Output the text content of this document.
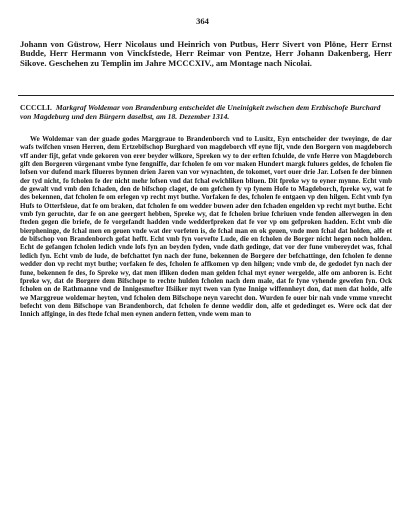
364
Johann von Güstrow, Herr Nicolaus und Heinrich von Putbus, Herr Sivert von Plöne, Herr Ernst Budde, Herr Hermann von Vinckfstede, Herr Reimar von Pentze, Herr Johann Dakenberg, Herr Sikove. Geschehen zu Templin im Jahre MCCCXIV., am Montage nach Nicolai.
CCCCLI. Markgraf Woldemar von Brandenburg entscheidet die Uneinigkeit zwischen dem Erzbischofe Burchard von Magdeburg und den Bürgern daselbst, am 18. Dezember 1314.

We Woldemar van der guade godes Marggraue to Brandenborch vnd to Lusitz, Eyn entscheider der tweyinge, de dar wafs twifchen vnsen Herren, dem Ertzebifschop Burghard von magdeborch vff eyne fijt, vnde den Borgern von magdeborch vff ander fijt, gefat vnde gekoren von erer beyder wilkore, Spreken wy to der erften fchulde, de vnfe Herre von Magdeborch gift den Borgeren vürgenant vmbe fyne fengniffe, dar fcholen fe om vor maken Hundert margk fuluers geldes, de fcholen fie lofsen vor dufend mark filueres bynnen drien Jaren van vor wynachten, de tokomet, vort ouer drie Jar. Lofsen fe der binnen der tyd nicht, fo fcholen fe der nicht mehr lofsen vnd dat fchal ewichliken bliuen. Dit fpreke wy to eyner mynne. Echt vmb de gewalt vnd vmb den fchaden, den de bifschop claget, de om gefchen fy vp fynem Hofe to Magdeborch, fpreke wy, wat fe des bekennen, dat fcholen fe om erlegen vp recht myt buthe. Vorfaken fe des, fcholen fe entgaen vp den hilgen. Echt vmb fyn Hufs to Otterfsleue, dat fe om braken, dat fcholen fe om wedder buwen ader den fchaden engelden vp recht myt buthe. Echt vmb fyn geruchte, dar fe on ane geergert hebben, Spreke wy, dat fe fcholen briue fchriuen vnde fenden allerwegen in den fteden gegen die briefe, de fe vorgefandt hadden vnde wedderfpreken dat fe vor vp om gefproken hadden. Echt vmb die bierpheninge, de fchal men en geuen vnde wat der vorfeten is, de fchal man en ok geuen, vnde men fchal dat holden, alfe et de bifschop von Brandenborch gefat hefft. Echt vmb fyn vorvefte Lude, die en fcholen de Borger nicht hegen noch holden. Echt de gefangen fcholen ledich vnde lofs fyn an beyden fyden, vnde dath gedinge, dat vor der fune vmbereydet was, fchal ledich fyn. Echt vmb de lude, de befchattet fyn nach der fune, bekennen de Borgere der befchattinge, den fcholen fe denne wedder don vp recht myt buthe; vorfaken fe des, fcholen fe affkomen vp den hilgen; vnde vmb de, de gedodet fyn nach der fune, bekennen fe des, fo Spreke wy, dat men ifliken doden man gelden fchal myt eyner wergelde, alfe om anboren is. Echt fpreke wy, dat de Borgere dem Bifschope to rechte hulden fcholen nach dem male, dat fe fyne vyhende gewefen fyn. Ock fcholen on de Rathmanne vnd de Innigesmefter Ifsiiker myt twen van fyne Innige wiffennheyt don, dat men dat holde, alfe we Marggreue woldemar heyten, vnd fcholen dem Bifschope neyn varecht don. Wurden fe ouer bir nah vnde vmme vnrecht befecht von dem Bifschope van Brandenborch, dat fcholen fe denne weddir don, alfe et gededinget es. Were ock dat der Innich affginge, in des ftede fchal men eynen andern fetten, vnde wem man to
